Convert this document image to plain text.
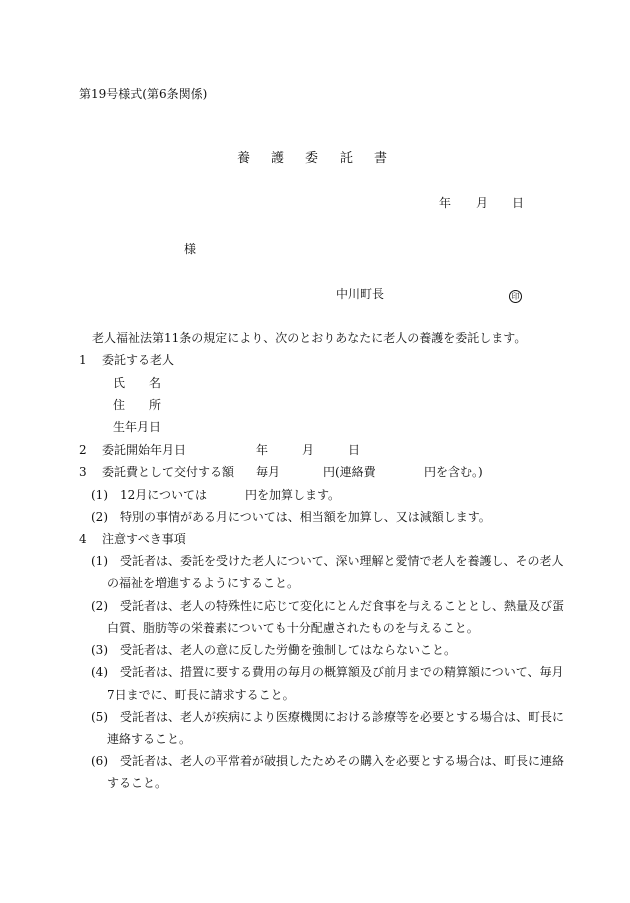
第19号様式(第6条関係)
養 護 委 託 書
年 月 日
様
中川町長	印
老人福祉法第11条の規定により、次のとおりあなたに老人の養護を委託します。
1 委託する老人
氏 名
住 所
生年月日
2 委託開始年月日	年	月	日
3 委託費として交付する額 毎月	円 (連絡費	円を含む。)
(1) 12月については	円を加算します。
(2) 特別の事情がある月については、相当額を加算し、又は減額します。
4 注意すべき事項
(1) 受託者は、委託を受けた老人について、深い理解と愛情で老人を養護し、その老人
の福祉を増進するようにすること。
(2) 受託者は、老人の特殊性に応じて変化にとんだ食事を与えることとし、熱量及び蛋
白質、脂肪等の栄養素についても十分配慮されたものを与えること。
(3) 受託者は、老人の意に反した労働を強制してはならないこと。
(4) 受託者は、措置に要する費用の毎月の概算額及び前月までの精算額について、毎月
7日までに、町長に請求すること。
(5) 受託者は、老人が疾病により医療機関における診療等を必要とする場合は、町長に
連絡すること。
(6) 受託者は、老人の平常着が破損したためその購入を必要とする場合は、町長に連絡
すること。
